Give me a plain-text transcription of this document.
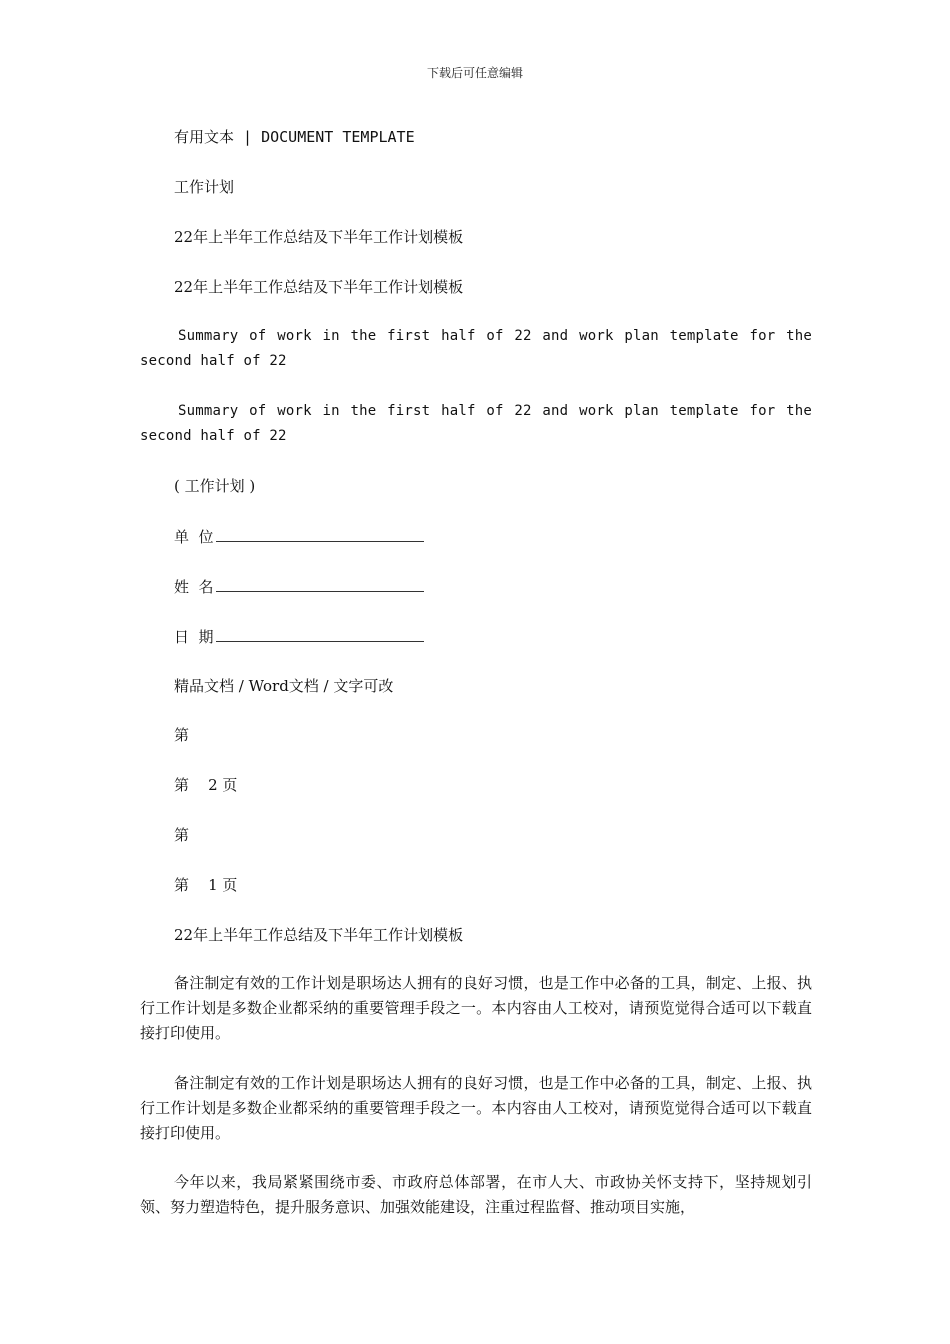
下载后可任意编辑
有用文本 | DOCUMENT TEMPLATE
工作计划
22年上半年工作总结及下半年工作计划模板
22年上半年工作总结及下半年工作计划模板
Summary of work in the first half of 22 and work plan template for the second half of 22
Summary of work in the first half of 22 and work plan template for the second half of 22
( 工作计划 )
单  位
姓  名
日  期
精品文档 / Word文档 / 文字可改
第
第    2 页
第
第    1 页
22年上半年工作总结及下半年工作计划模板
备注制定有效的工作计划是职场达人拥有的良好习惯，也是工作中必备的工具，制定、上报、执行工作计划是多数企业都采纳的重要管理手段之一。本内容由人工校对，请预览觉得合适可以下载直接打印使用。
备注制定有效的工作计划是职场达人拥有的良好习惯，也是工作中必备的工具，制定、上报、执行工作计划是多数企业都采纳的重要管理手段之一。本内容由人工校对，请预览觉得合适可以下载直接打印使用。
今年以来，我局紧紧围绕市委、市政府总体部署，在市人大、市政协关怀支持下，坚持规划引领、努力塑造特色，提升服务意识、加强效能建设，注重过程监督、推动项目实施，
